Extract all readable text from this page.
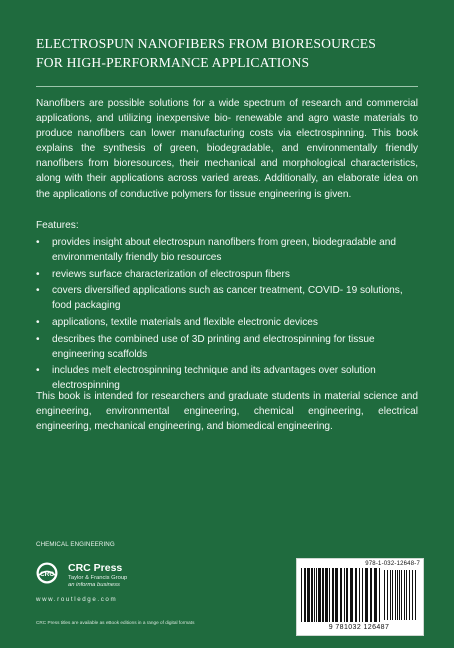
ELECTROSPUN NANOFIBERS FROM BIORESOURCES
FOR HIGH-PERFORMANCE APPLICATIONS

Nanofibers are possible solutions for a wide spectrum of research and commercial applications, and utilizing inexpensive bio- renewable and agro waste materials to produce nanofibers can lower manufacturing costs via electrospinning. This book explains the synthesis of green, biodegradable, and environmentally friendly nanofibers from bioresources, their mechanical and morphological characteristics, along with their applications across varied areas. Additionally, an elaborate idea on the applications of conductive polymers for tissue engineering is given.

Features:

• provides insight about electrospun nanofibers from green, biodegradable and environmentally friendly bio resources
• reviews surface characterization of electrospun fibers
• covers diversified applications such as cancer treatment, COVID- 19 solutions, food packaging
• applications, textile materials and flexible electronic devices
• describes the combined use of 3D printing and electrospinning for tissue engineering scaffolds
• includes melt electrospinning technique and its advantages over solution electrospinning

This book is intended for researchers and graduate students in material science and engineering, environmental engineering, chemical engineering, electrical engineering, mechanical engineering, and biomedical engineering.

CHEMICAL ENGINEERING
CRC
CRC Press
Taylor & Francis Group
an informa business
www.routledge.com
CRC Press titles are available as eBook editions in a range of digital formats
978-1-032-12648-7
9 781032 126487
